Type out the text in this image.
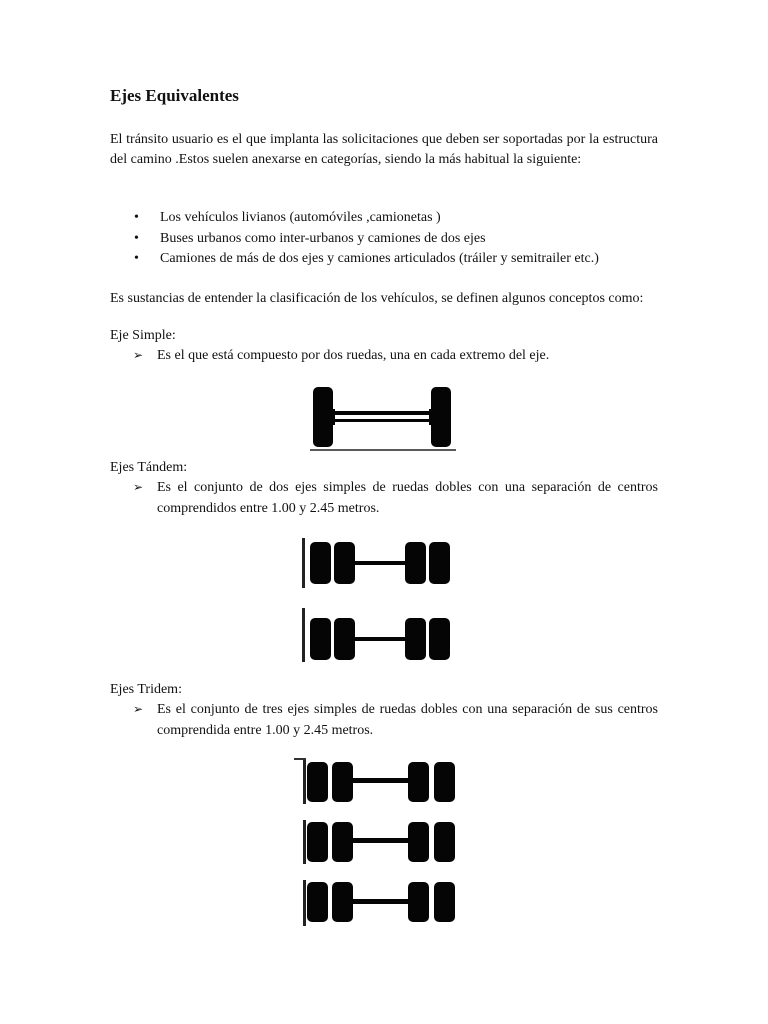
Ejes Equivalentes

El tránsito usuario es el que implanta las solicitaciones que deben ser soportadas por la estructura del camino .Estos suelen anexarse en categorías, siendo la más habitual la siguiente:

• Los vehículos livianos (automóviles ,camionetas )
• Buses urbanos como inter-urbanos y camiones de dos ejes
• Camiones de más de dos ejes y camiones articulados (tráiler y semitrailer etc.)

Es sustancias de entender la clasificación de los vehículos, se definen algunos conceptos como:

Eje Simple:

➢ Es el que está compuesto por dos ruedas, una en cada extremo del eje.

Ejes Tándem:

➢ Es el conjunto de dos ejes simples de ruedas dobles con una separación de centros comprendidos entre 1.00 y 2.45 metros.

Ejes Tridem:

➢ Es el conjunto de tres ejes simples de ruedas dobles con una separación de sus centros comprendida entre 1.00 y 2.45 metros.
